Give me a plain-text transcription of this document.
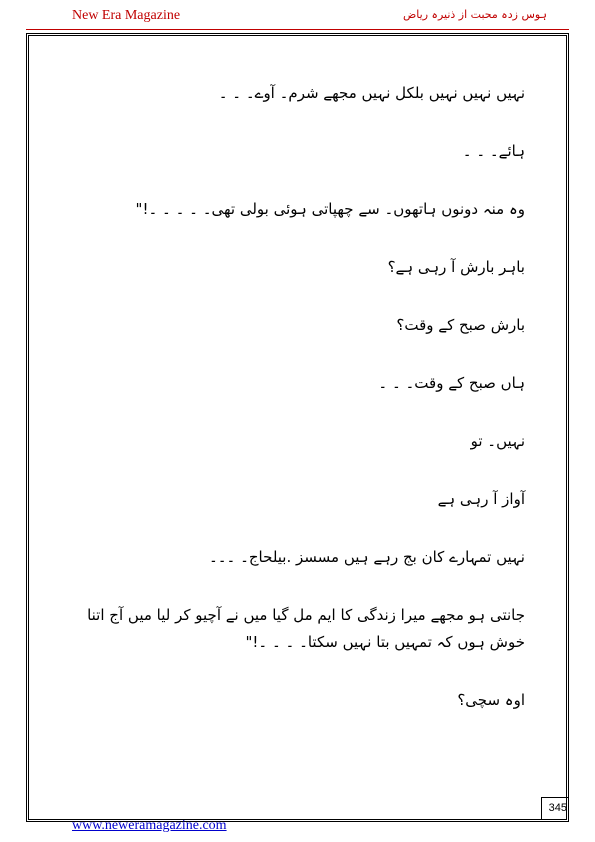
New Era Magazine	ہوس زدہ محبت از ذنیرہ ریاض

نہیں نہیں نہیں بلکل نہیں مجھے شرم۔ آوے۔ ۔ ۔

ہائے۔ ۔ ۔

وہ منہ دونوں ہاتھوں۔ سے چھپاتی ہوئی بولی تھی۔ ۔ ۔ ۔ ۔!"

باہر بارش آ رہی ہے؟

بارش صبح کے وقت؟

ہاں صبح کے وقت۔ ۔ ۔

نہیں۔ تو

آواز آ رہی ہے

نہیں تمہارے کان بج رہے ہیں مسسز .بیلحاج۔ ۔۔۔

جانتی ہو مجھے میرا زندگی کا ایم مل گیا میں نے آچیو کر لیا میں آج اتنا خوش ہوں کہ تمہیں بتا نہیں سکتا۔ ۔ ۔ ۔!"

اوہ سچی؟

345
www.neweramagazine.com
